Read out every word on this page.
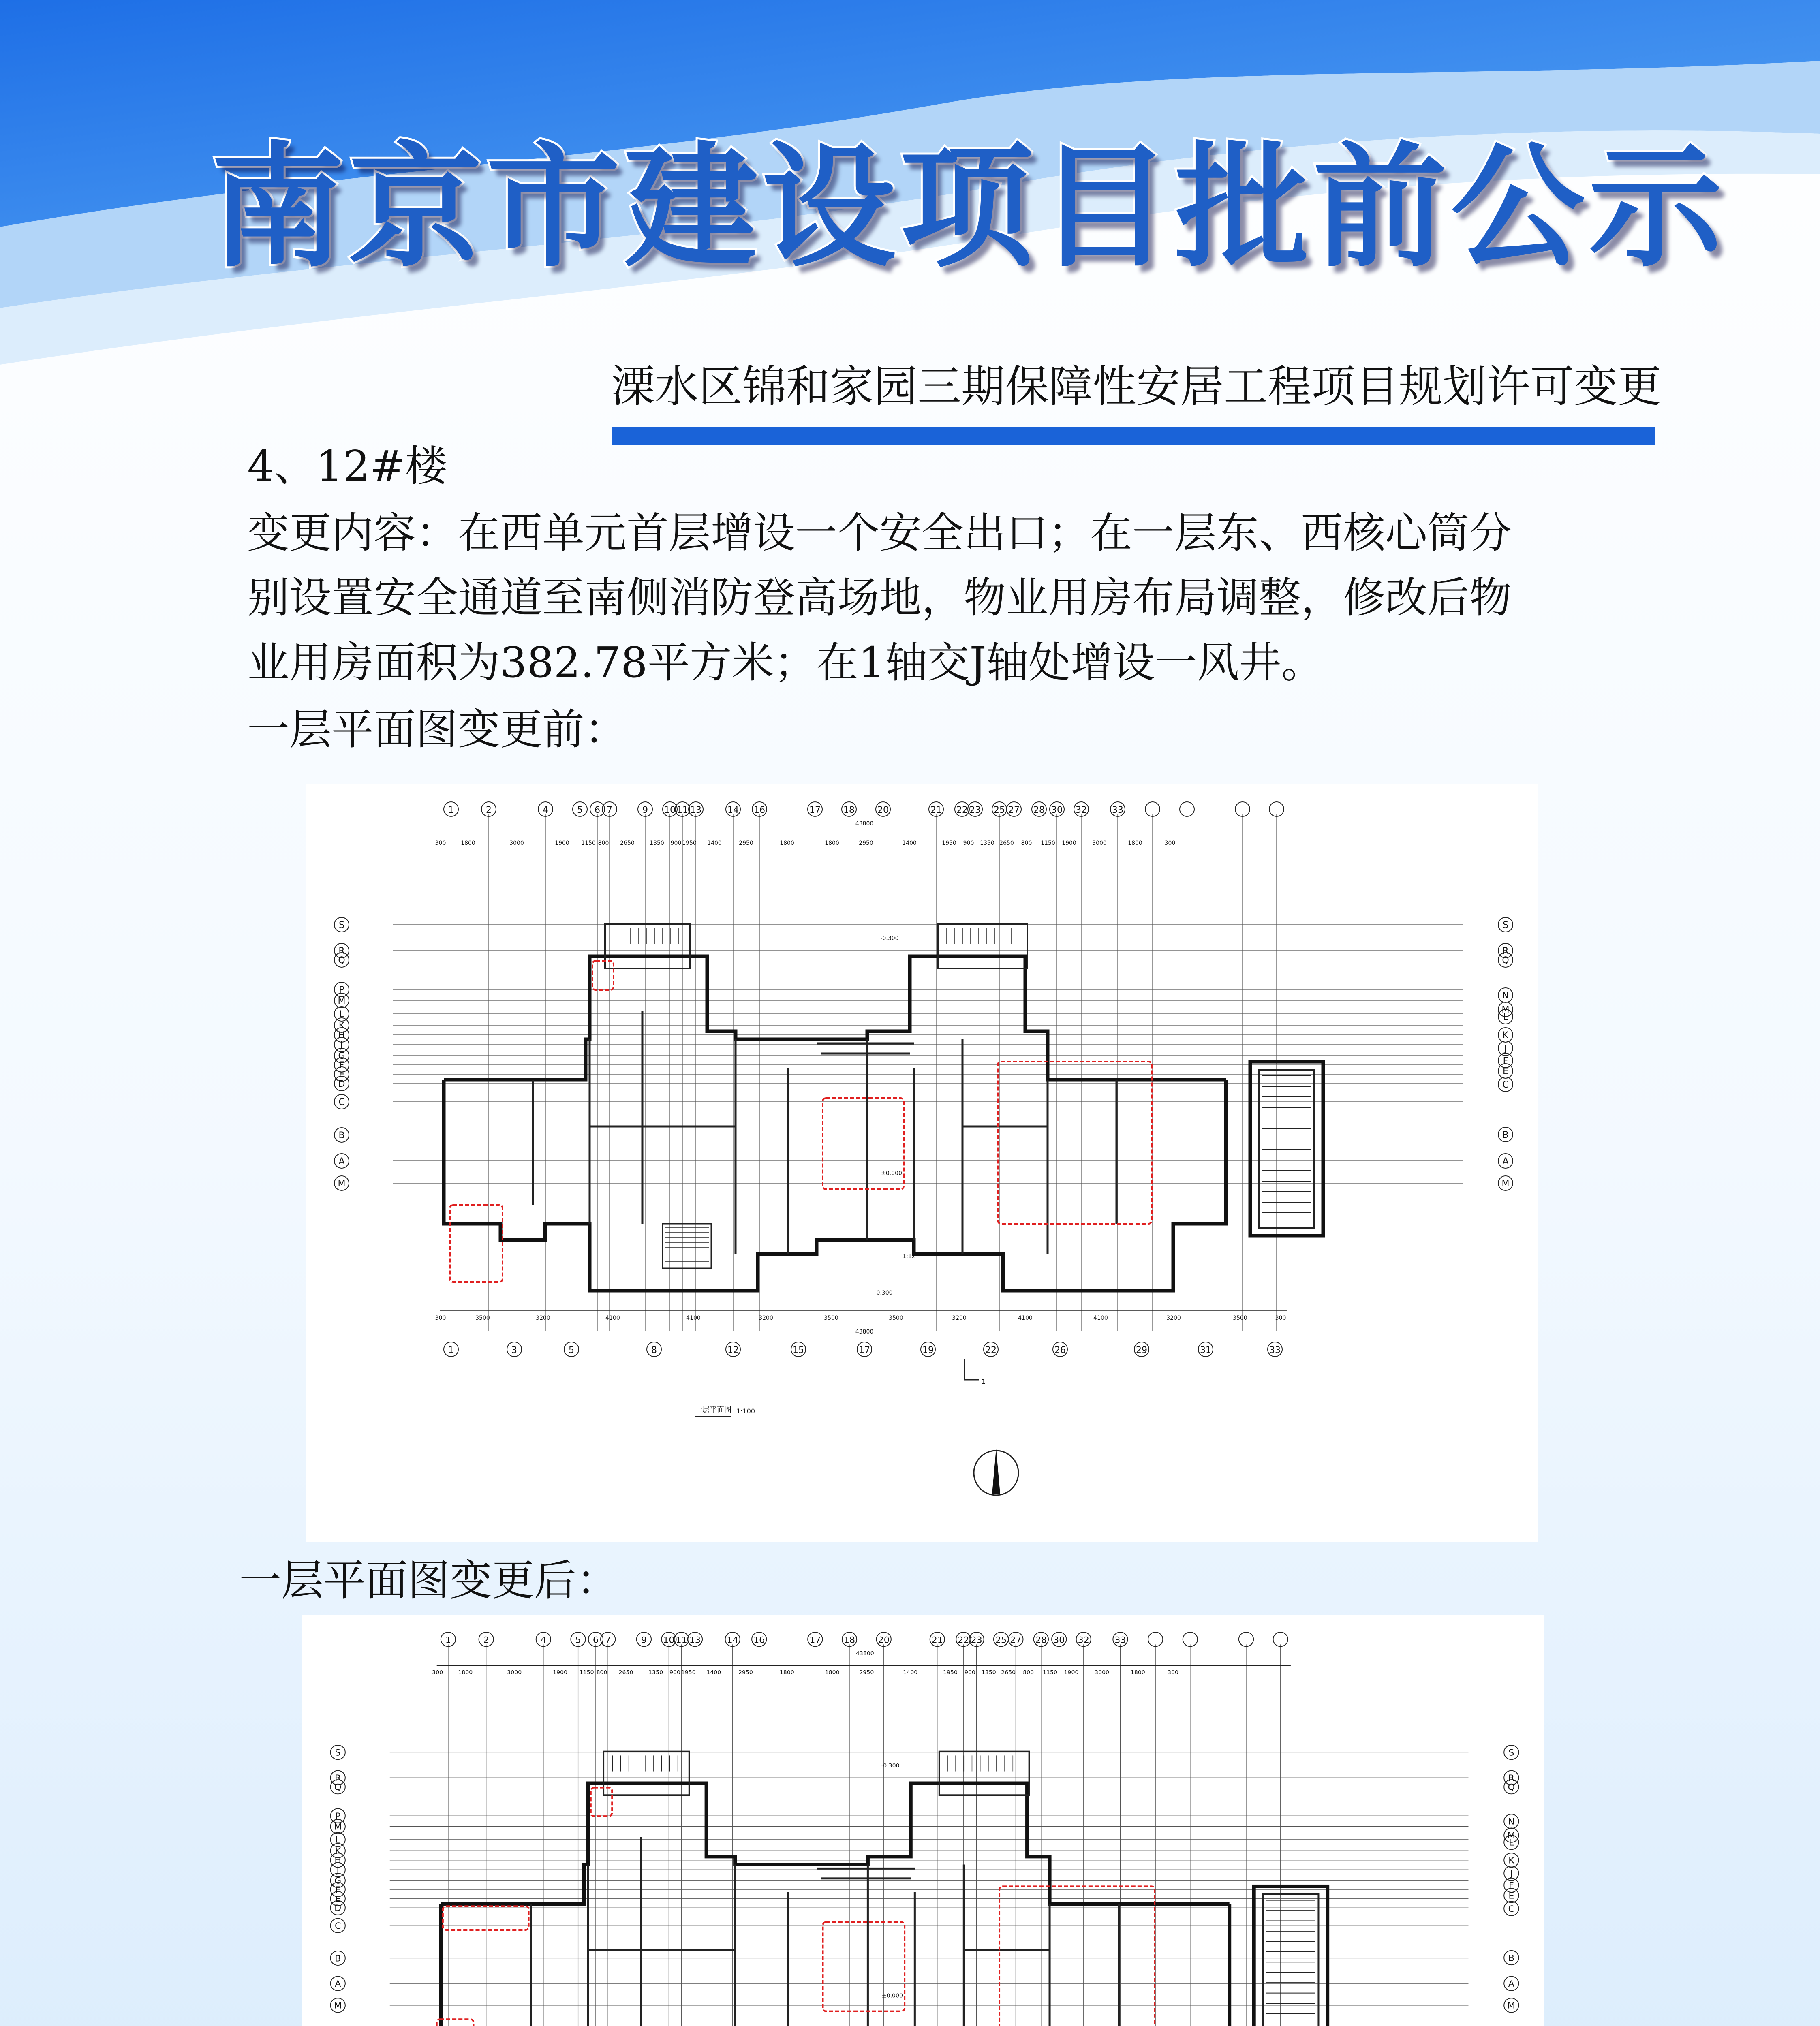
南京市建设项目批前公示
溧水区锦和家园三期保障性安居工程项目规划许可变更
4、12#楼
变更内容：在西单元首层增设一个安全出口；在一层东、西核心筒分
别设置安全通道至南侧消防登高场地，物业用房布局调整，修改后物
业用房面积为382.78平方米；在1轴交J轴处增设一风井。
一层平面图变更前：
1	2	4	5 6 7	9 10 11 13	14 16	17	18	20	21 22 23 25 27 28 30 32	33
1	3	5	8	12	15	17	19	22	26	29	31	33
S
R
Q
P
M
L
K
H
J
G
F
E
D
C
B
A
M
S
R
Q
N
M
L
K
J
F
E
C
B
A
M
300	1800	3000	1900 1150 800 2650	1350 900 1950 1400	2950	1800	1800	2950	1400	1950 900 1350 2650 800 1150 1900	3000	1800	300
300	3500	3200	4100	4100	3200	3500	3500	3200	4100	4100	3200	3500	300
43800
43800
±0.000
-0.300
-0.300
1:12
1
一层平面图 1:100
一层平面图变更后：
1	2	4	5 6 7	9 10 11 13	14 16	17	18	20	21 22 23 25 27 28 30 32	33
S
R
Q
P
M
L
K
H
J
G
F
E
D
C
B
A
M
S
R
Q
N
M
L
K
J
F
E
C
B
A
M
300	1800	3000	1900 1150 800 2650	1350 900 1950 1400	2950	1800	1800	2950	1400	1950 900 1350 2650 800 1150 1900	3000	1800	300
43800
±0.000
-0.300
